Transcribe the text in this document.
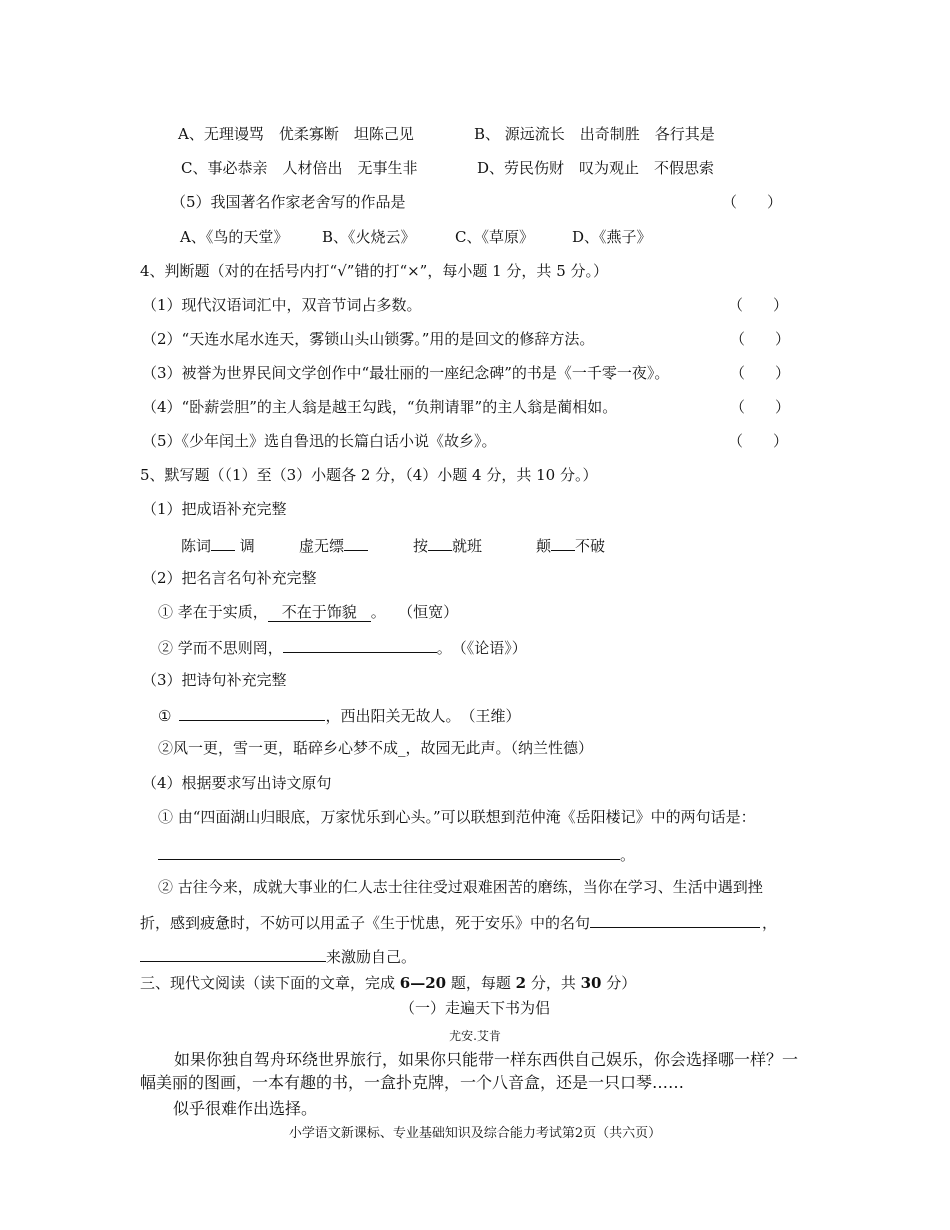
A、无理谩骂　优柔寡断　坦陈己见	B、 源远流长　出奇制胜　各行其是
C、事必恭亲　人材倍出　无事生非	D、劳民伤财　叹为观止　不假思索
（5）我国著名作家老舍写的作品是	（　　）
A、《鸟的天堂》 B、《火烧云》	C、《草原》	D、《燕子》
4、判断题（对的在括号内打“√”错的打“×”，每小题 1 分，共 5 分。）
（1）现代汉语词汇中，双音节词占多数。	（　　）
（2）“天连水尾水连天，雾锁山头山锁雾。”用的是回文的修辞方法。	（　　）
（3）被誉为世界民间文学创作中“最壮丽的一座纪念碑”的书是《一千零一夜》。	（　　）
（4）“卧薪尝胆”的主人翁是越王勾践，“负荆请罪”的主人翁是蔺相如。	（　　）
（5）《少年闰土》选自鲁迅的长篇白话小说《故乡》。	（　　）
5、默写题（（1）至（3）小题各 2 分，（4）小题 4 分，共 10 分。）
（1）把成语补充完整
陈词 调	虚无缥	按 就班	颠 不破
（2）把名言名句补充完整
① 孝在于实质， 不在于饰貌 。　 （恒宽）
② 学而不思则罔，	。　（《论语》）
（3）把诗句补充完整
①	，西出阳关无故人。　（王维）
②风一更，雪一更，聒碎乡心梦不成_，故园无此声。（纳兰性德）
（4）根据要求写出诗文原句
① 由“四面湖山归眼底，万家忧乐到心头。”可以联想到范仲淹《岳阳楼记》中的两句话是：
。
② 古往今来，成就大事业的仁人志士往往受过艰难困苦的磨练，当你在学习、生活中遇到挫
折，感到疲惫时，不妨可以用孟子《生于忧患，死于安乐》中的名句	，
来激励自己。
三、现代文阅读（读下面的文章，完成 6—20 题，每题 2 分，共 30 分）
（一）走遍天下书为侣
尤安.艾肯
如果你独自驾舟环绕世界旅行，如果你只能带一样东西供自己娱乐，你会选择哪一样？一
幅美丽的图画，一本有趣的书，一盒扑克牌，一个八音盒，还是一只口琴……
似乎很难作出选择。
小学语文新课标、专业基础知识及综合能力考试第2页（共六页）
